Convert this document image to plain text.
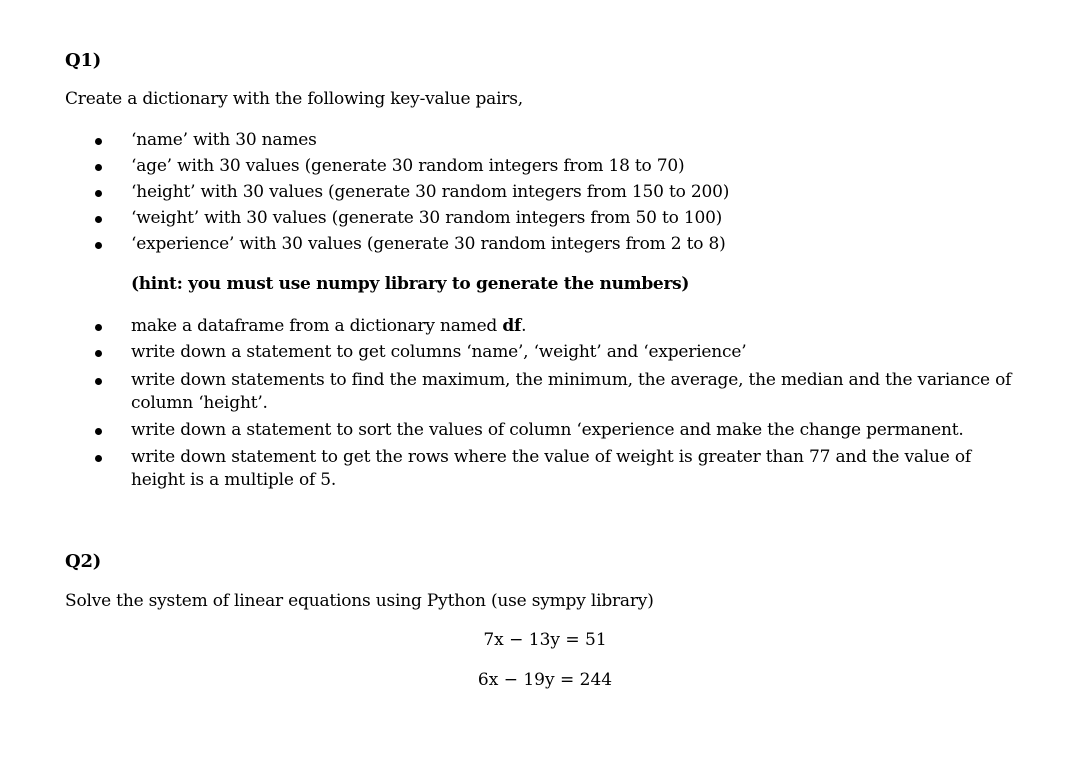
Q1)
Create a dictionary with the following key-value pairs,
‘name’ with 30 names
‘age’ with 30 values (generate 30 random integers from 18 to 70)
‘height’ with 30 values (generate 30 random integers from 150 to 200)
‘weight’ with 30 values (generate 30 random integers from 50 to 100)
‘experience’ with 30 values (generate 30 random integers from 2 to 8)
(hint: you must use numpy library to generate the numbers)
make a dataframe from a dictionary named df.
write down a statement to get columns ‘name’, ‘weight’ and ‘experience’
write down statements to find the maximum, the minimum, the average, the median and the variance of column ‘height’.
write down a statement to sort the values of column ‘experience and make the change permanent.
write down statement to get the rows where the value of weight is greater than 77 and the value of height is a multiple of 5.
Q2)
Solve the system of linear equations using Python (use sympy library)
7x − 13y = 51
6x − 19y = 244
